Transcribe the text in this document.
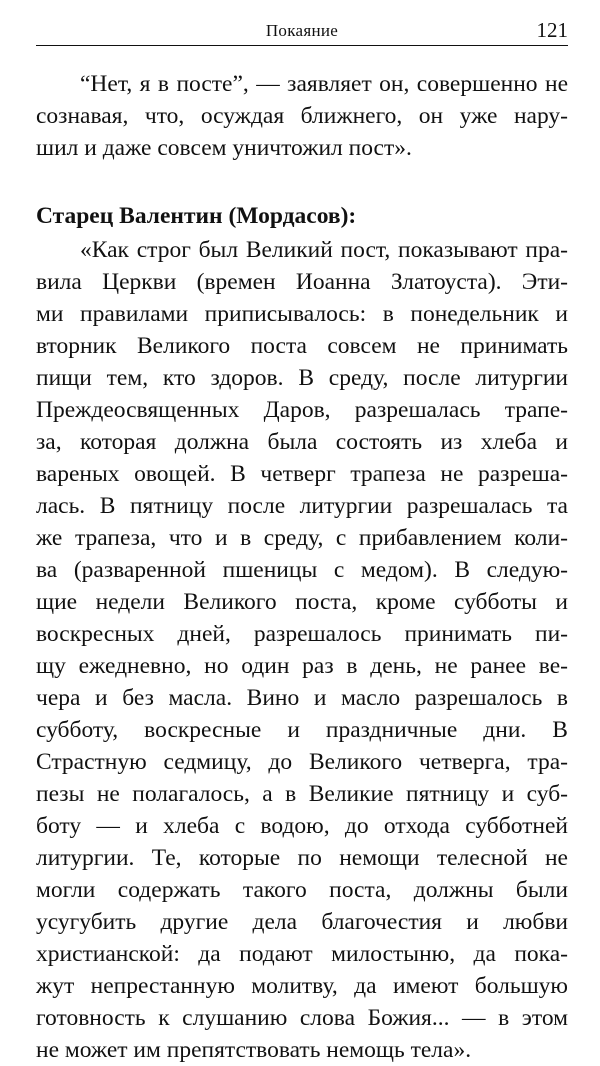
Покаяние	121
“Нет, я в посте”, — заявляет он, совершенно не
сознавая, что, осуждая ближнего, он уже нару-
шил и даже совсем уничтожил пост».
Старец Валентин (Мордасов):
«Как строг был Великий пост, показывают пра-
вила Церкви (времен Иоанна Златоуста). Эти-
ми правилами приписывалось: в понедельник и
вторник Великого поста совсем не принимать
пищи тем, кто здоров. В среду, после литургии
Преждеосвященных Даров, разрешалась трапе-
за, которая должна была состоять из хлеба и
вареных овощей. В четверг трапеза не разреша-
лась. В пятницу после литургии разрешалась та
же трапеза, что и в среду, с прибавлением коли-
ва (разваренной пшеницы с медом). В следую-
щие недели Великого поста, кроме субботы и
воскресных дней, разрешалось принимать пи-
щу ежедневно, но один раз в день, не ранее ве-
чера и без масла. Вино и масло разрешалось в
субботу, воскресные и праздничные дни. В
Страстную седмицу, до Великого четверга, тра-
пезы не полагалось, а в Великие пятницу и суб-
боту — и хлеба с водою, до отхода субботней
литургии. Те, которые по немощи телесной не
могли содержать такого поста, должны были
усугубить другие дела благочестия и любви
христианской: да подают милостыню, да пока-
жут непрестанную молитву, да имеют большую
готовность к слушанию слова Божия... — в этом
не может им препятствовать немощь тела».
